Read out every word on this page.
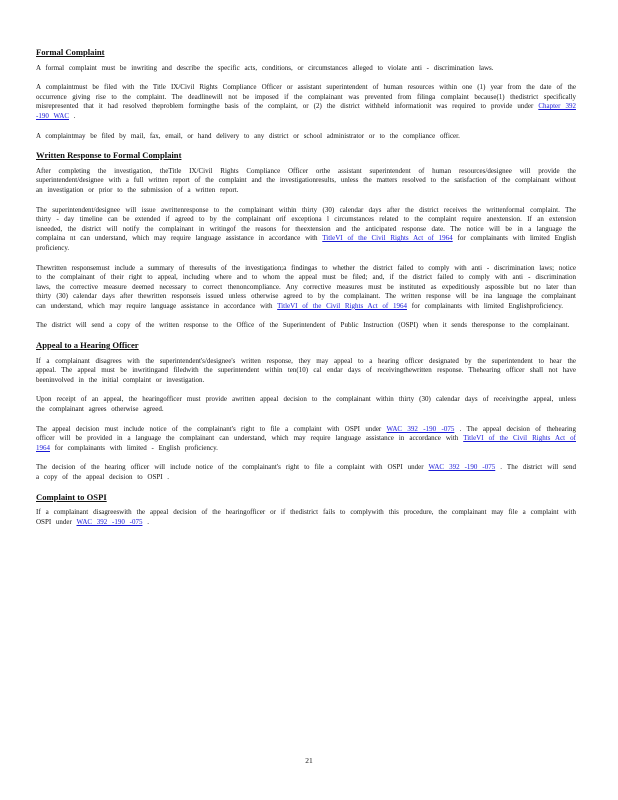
Formal Complaint

A formal complaint must be inwriting and describe the specific acts, conditions, or circumstances alleged to violate anti - discrimination laws.

A complaintmust be filed with the Title IX/Civil Rights Compliance Officer or assistant superintendent of human resources within one (1) year from the date of the occurrence giving rise to the complaint. The deadlinewill not be imposed if the complainant was prevented from filinga complaint because(1) thedistrict specifically misrepresented that it had resolved theproblem formingthe basis of the complaint, or (2) the district withheld informationit was required to provide under Chapter 392 -190 WAC .

A complaintmay be filed by mail, fax, email, or hand delivery to any district or school administrator or to the compliance officer.

Written Response to Formal Complaint

After completing the investigation, theTitle IX/Civil Rights Compliance Officer orthe assistant superintendent of human resources/designee will provide the superintendent/designee with a full written report of the complaint and the investigationresults, unless the matters resolved to the satisfaction of the complainant without an investigation or prior to the submission of a written report.

The superintendent/designee will issue awrittenresponse to the complainant within thirty (30) calendar days after the district receives the writtenformal complaint. The thirty - day timeline can be extended if agreed to by the complainant orif exceptiona l circumstances related to the complaint require anextension. If an extension isneeded, the district will notify the complainant in writingof the reasons for theextension and the anticipated response date. The notice will be in a language the complaina nt can understand, which may require language assistance in accordance with TitleVI of the Civil Rights Act of 1964 for complainants with limited English proficiency.

Thewritten responsemust include a summary of theresults of the investigation;a findingas to whether the district failed to comply with anti - discrimination laws; notice to the complainant of their right to appeal, including where and to whom the appeal must be filed; and, if the district failed to comply with anti - discrimination laws, the corrective measure deemed necessary to correct thenoncompliance. Any corrective measures must be instituted as expeditiously aspossible but no later than thirty (30) calendar days after thewritten responseis issued unless otherwise agreed to by the complainant. The written response will be ina language the complainant can understand, which may require language assistance in accordance with TitleVI of the Civil Rights Act of 1964 for complainants with limited Englishproficiency.

The district will send a copy of the written response to the Office of the Superintendent of Public Instruction (OSPI) when it sends theresponse to the complainant.

Appeal to a Hearing Officer

If a complainant disagrees with the superintendent's/designee's written response, they may appeal to a hearing officer designated by the superintendent to hear the appeal. The appeal must be inwritingand filedwith the superintendent within ten(10) cal endar days of receivingthewritten response. Thehearing officer shall not have beeninvolved in the initial complaint or investigation.

Upon receipt of an appeal, the hearingofficer must provide awritten appeal decision to the complainant within thirty (30) calendar days of receivingthe appeal, unless the complainant agrees otherwise agreed.

The appeal decision must include notice of the complainant's right to file a complaint with OSPI under WAC 392 -190 -075 . The appeal decision of thehearing officer will be provided in a language the complainant can understand, which may require language assistance in accordance with TitleVI of the Civil Rights Act of 1964 for complainants with limited - English proficiency.

The decision of the hearing officer will include notice of the complainant's right to file a complaint with OSPI under WAC 392 -190 -075 . The district will send a copy of the appeal decision to OSPI .

Complaint to OSPI

If a complainant disagreeswith the appeal decision of the hearingofficer or if thedistrict fails to complywith this procedure, the complainant may file a complaint with OSPI under WAC 392 -190 -075 .

21
